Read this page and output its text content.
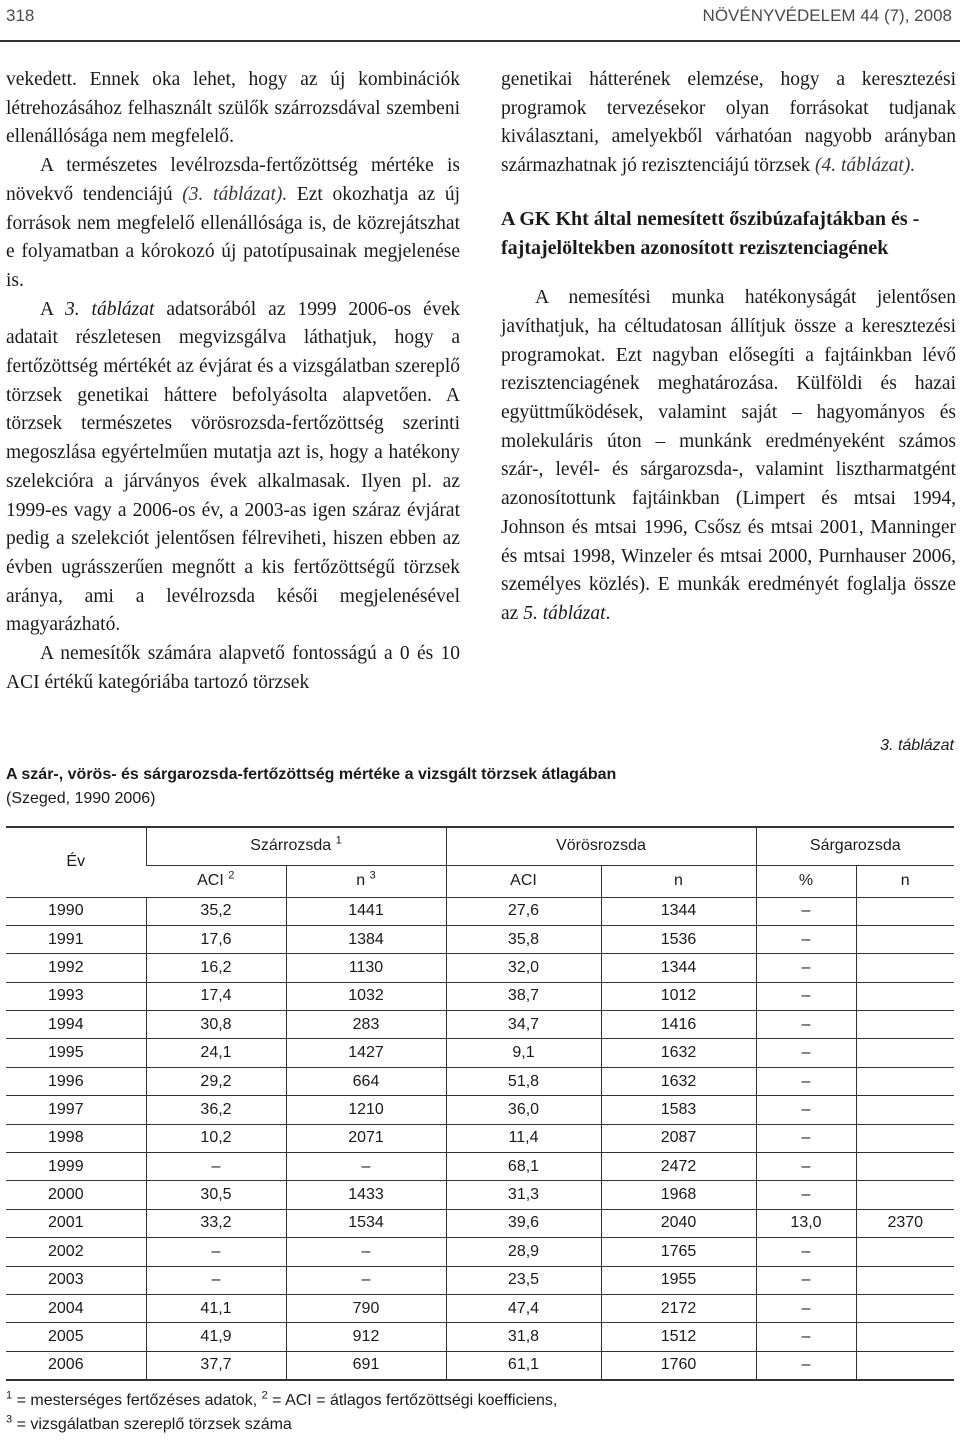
318	NÖVÉNYVÉDELEM 44 (7), 2008

vekedett. Ennek oka lehet, hogy az új kombinációk létrehozásához felhasznált szülők szárrozsdával szembeni ellenállósága nem megfelelő.

A természetes levélrozsda-fertőzöttség mértéke is növekvő tendenciájú (3. táblázat). Ezt okozhatja az új források nem megfelelő ellenállósága is, de közrejátszhat e folyamatban a kórokozó új patotípusainak megjelenése is.

A 3. táblázat adatsorából az 1999 2006-os évek adatait részletesen megvizsgálva láthatjuk, hogy a fertőzöttség mértékét az évjárat és a vizsgálatban szereplő törzsek genetikai háttere befolyásolta alapvetően. A törzsek természetes vörösrozsda-fertőzöttség szerinti megoszlása egyértelműen mutatja azt is, hogy a hatékony szelekcióra a járványos évek alkalmasak. Ilyen pl. az 1999-es vagy a 2006-os év, a 2003-as igen száraz évjárat pedig a szelekciót jelentősen félreviheti, hiszen ebben az évben ugrásszerűen megnőtt a kis fertőzöttségű törzsek aránya, ami a levélrozsda késői megjelenésével magyarázható.

A nemesítők számára alapvető fontosságú a 0 és 10 ACI értékű kategóriába tartozó törzsek

genetikai hátterének elemzése, hogy a keresztezési programok tervezésekor olyan forrásokat tudjanak kiválasztani, amelyekből várhatóan nagyobb arányban származhatnak jó rezisztenciájú törzsek (4. táblázat).

A GK Kht által nemesített őszibúzafajtákban és -fajtajelöltekben azonosított rezisztenciagének

A nemesítési munka hatékonyságát jelentősen javíthatjuk, ha céltudatosan állítjuk össze a keresztezési programokat. Ezt nagyban elősegíti a fajtáinkban lévő rezisztenciagének meghatározása. Külföldi és hazai együttműködések, valamint saját – hagyományos és molekuláris úton – munkánk eredményeként számos szár-, levél- és sárgarozsda-, valamint lisztharmatgént azonosítottunk fajtáinkban (Limpert és mtsai 1994, Johnson és mtsai 1996, Csősz és mtsai 2001, Manninger és mtsai 1998, Winzeler és mtsai 2000, Purnhauser 2006, személyes közlés). E munkák eredményét foglalja össze az 5. táblázat.

3. táblázat
A szár-, vörös- és sárgarozsda-fertőzöttség mértéke a vizsgált törzsek átlagában
(Szeged, 1990 2006)
Év	Szárrozsda $^1$		Vörösrozsda		Sárgarozsda	
	ACI $^2$	n $^3$	ACI	n	%	n
1990	35,2	1441	27,6	1344	–	
1991	17,6	1384	35,8	1536	–	
1992	16,2	1130	32,0	1344	–	
1993	17,4	1032	38,7	1012	–	
1994	30,8	283	34,7	1416	–	
1995	24,1	1427	9,1	1632	–	
1996	29,2	664	51,8	1632	–	
1997	36,2	1210	36,0	1583	–	
1998	10,2	2071	11,4	2087	–	
1999	–	–	68,1	2472	–	
2000	30,5	1433	31,3	1968	–	
2001	33,2	1534	39,6	2040	13,0	2370
2002	–	–	28,9	1765	–	
2003	–	–	23,5	1955	–	
2004	41,1	790	47,4	2172	–	
2005	41,9	912	31,8	1512	–	
2006	37,7	691	61,1	1760	–	
$^1$ = mesterséges fertőzéses adatok, $^2$ = ACI = átlagos fertőzöttségi koefficiens,
$^3$ = vizsgálatban szereplő törzsek száma
